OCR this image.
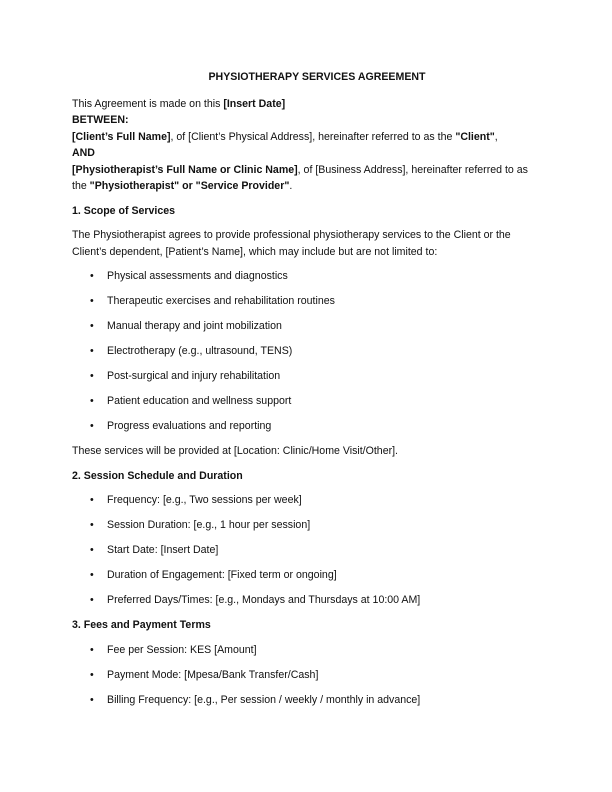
PHYSIOTHERAPY SERVICES AGREEMENT

This Agreement is made on this [Insert Date]

BETWEEN:

[Client’s Full Name], of [Client’s Physical Address], hereinafter referred to as the "Client",

AND

[Physiotherapist’s Full Name or Clinic Name], of [Business Address], hereinafter referred to as the "Physiotherapist" or "Service Provider".

1. Scope of Services

The Physiotherapist agrees to provide professional physiotherapy services to the Client or the Client’s dependent, [Patient’s Name], which may include but are not limited to:

• Physical assessments and diagnostics
• Therapeutic exercises and rehabilitation routines
• Manual therapy and joint mobilization
• Electrotherapy (e.g., ultrasound, TENS)
• Post-surgical and injury rehabilitation
• Patient education and wellness support
• Progress evaluations and reporting

These services will be provided at [Location: Clinic/Home Visit/Other].

2. Session Schedule and Duration

• Frequency: [e.g., Two sessions per week]
• Session Duration: [e.g., 1 hour per session]
• Start Date: [Insert Date]
• Duration of Engagement: [Fixed term or ongoing]
• Preferred Days/Times: [e.g., Mondays and Thursdays at 10:00 AM]

3. Fees and Payment Terms

• Fee per Session: KES [Amount]
• Payment Mode: [Mpesa/Bank Transfer/Cash]
• Billing Frequency: [e.g., Per session / weekly / monthly in advance]
